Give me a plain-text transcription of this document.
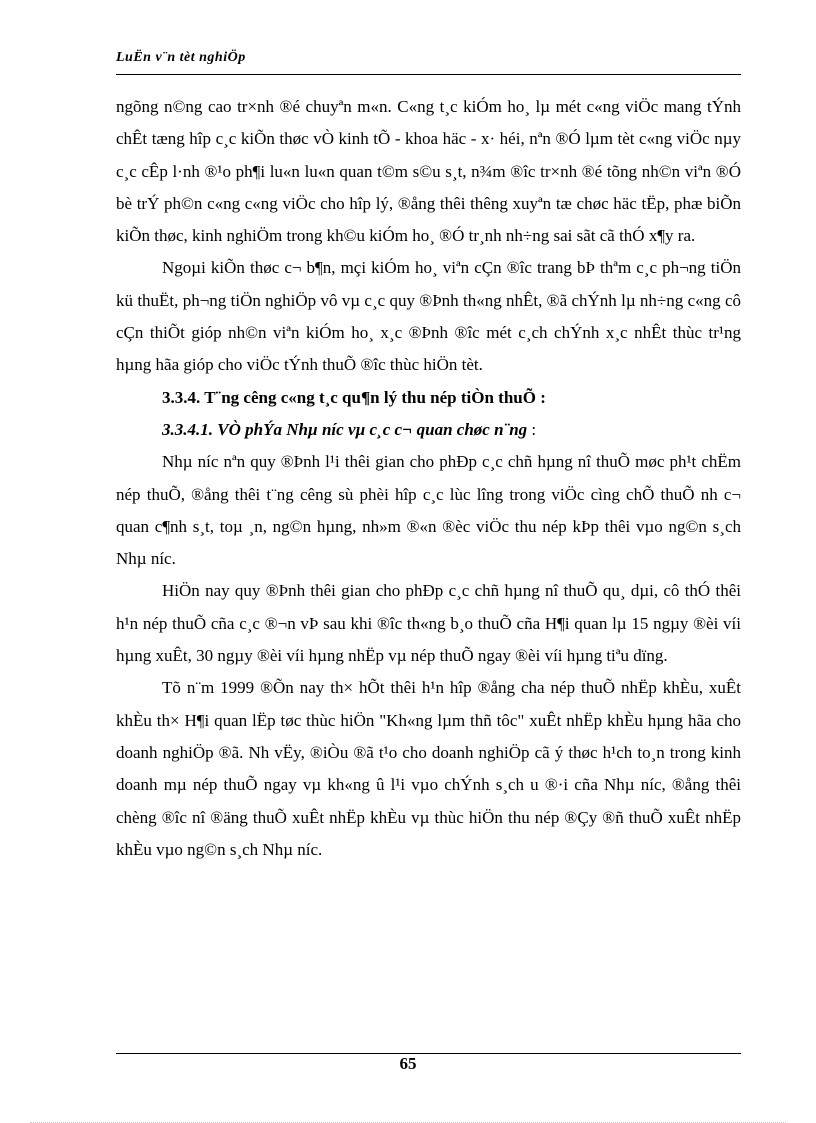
LuËn v¨n tèt nghiÖp

ngõng n©ng cao tr×nh ®é chuyªn m«n. C«ng t¸c kiÓm ho¸ lµ mét c«ng viÖc mang tÝnh chÊt tæng hîp c¸c kiÕn thøc vÒ kinh tÕ - khoa häc - x· héi, nªn ®Ó lµm tèt c«ng viÖc nµy c¸c cÊp l·nh ®¹o ph¶i lu«n lu«n quan t©m s©u s¸t, n¾m ®îc tr×nh ®é tõng nh©n viªn ®Ó bè trÝ ph©n c«ng c«ng viÖc cho hîp lý, ®ång thêi thêng xuyªn tæ chøc häc tËp, phæ biÕn kiÕn thøc, kinh nghiÖm trong kh©u kiÓm ho¸ ®Ó tr¸nh nh÷ng sai sãt cã thÓ x¶y ra.

Ngoµi kiÕn thøc c¬ b¶n, mçi kiÓm ho¸ viªn cÇn ®îc trang bÞ thªm c¸c ph¬ng tiÖn kü thuËt, ph¬ng tiÖn nghiÖp vô vµ c¸c quy ®Þnh th«ng nhÊt, ®ã chÝnh lµ nh÷ng c«ng cô cÇn thiÕt gióp nh©n viªn kiÓm ho¸ x¸c ®Þnh ®îc mét c¸ch chÝnh x¸c nhÊt thùc tr¹ng hµng hãa gióp cho viÖc tÝnh thuÕ ®îc thùc hiÖn tèt.

3.3.4. T¨ng cêng c«ng t¸c qu¶n lý thu nép tiÒn thuÕ :

3.3.4.1. VÒ phÝa Nhµ níc vµ c¸c c¬ quan chøc n¨ng :

Nhµ níc nªn quy ®Þnh l¹i thêi gian cho phÐp c¸c chñ hµng nî thuÕ møc ph¹t chËm nép thuÕ, ®ång thêi t¨ng cêng sù phèi hîp c¸c lùc lîng trong viÖc cìng chÕ thuÕ nh c¬ quan c¶nh s¸t, toµ ¸n, ng©n hµng, nh»m ®«n ®èc viÖc thu nép kÞp thêi vµo ng©n s¸ch Nhµ níc.

HiÖn nay quy ®Þnh thêi gian cho phÐp c¸c chñ hµng nî thuÕ qu¸ dµi, cô thÓ thêi h¹n nép thuÕ cña c¸c ®¬n vÞ sau khi ®îc th«ng b¸o thuÕ cña H¶i quan lµ 15 ngµy ®èi víi hµng xuÊt, 30 ngµy ®èi víi hµng nhËp vµ nép thuÕ ngay ®èi víi hµng tiªu dïng.

Tõ n¨m 1999 ®Õn nay th× hÕt thêi h¹n hîp ®ång cha nép thuÕ nhËp khÈu, xuÊt khÈu th× H¶i quan lËp tøc thùc hiÖn "Kh«ng lµm thñ tôc" xuÊt nhËp khÈu hµng hãa cho doanh nghiÖp ®ã. Nh vËy, ®iÒu ®ã t¹o cho doanh nghiÖp cã ý thøc h¹ch to¸n trong kinh doanh mµ nép thuÕ ngay vµ kh«ng û l¹i vµo chÝnh s¸ch u ®·i cña Nhµ níc, ®ång thêi chèng ®îc nî ®äng thuÕ xuÊt nhËp khÈu vµ thùc hiÖn thu nép ®Çy ®ñ thuÕ xuÊt nhËp khÈu vµo ng©n s¸ch Nhµ níc.

65
